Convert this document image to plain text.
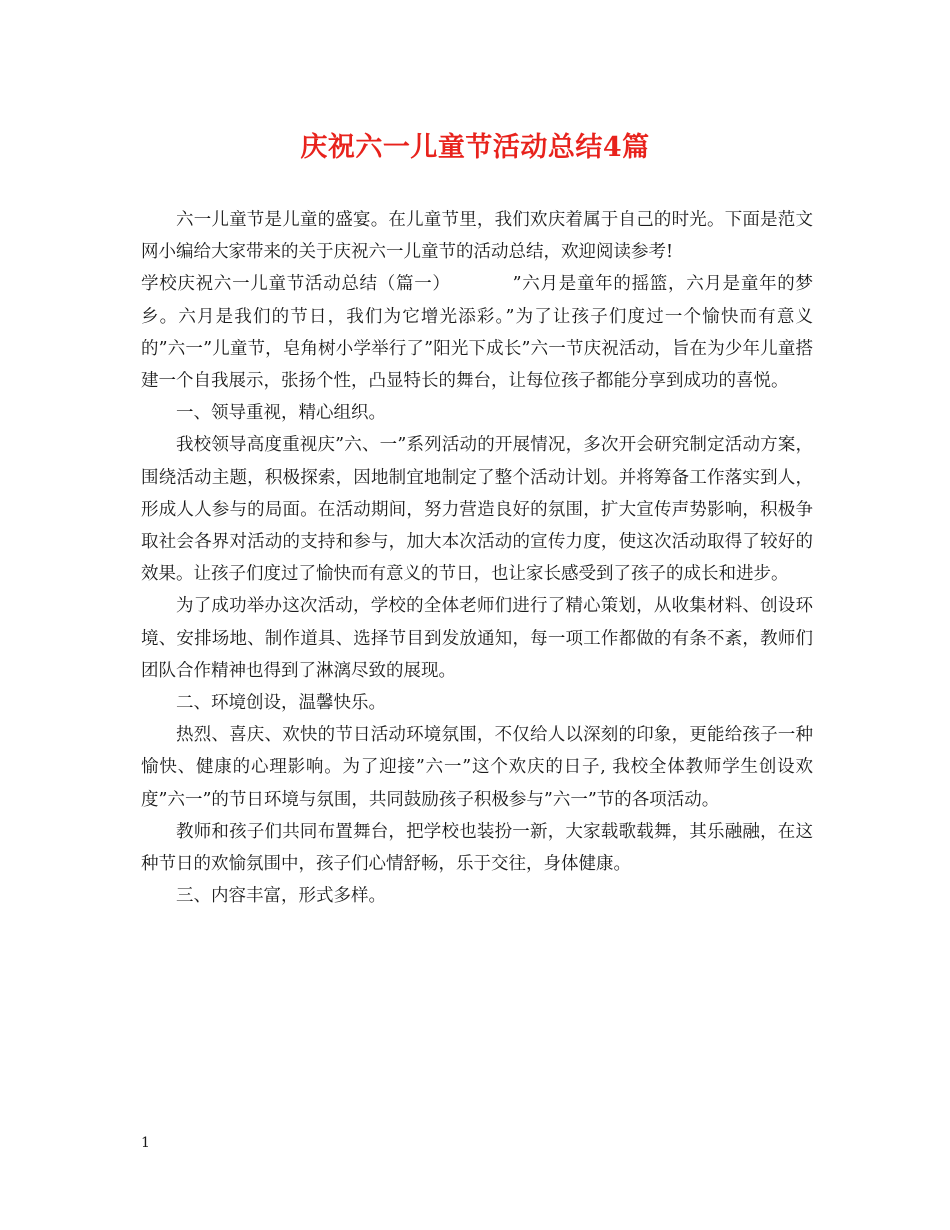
庆祝六一儿童节活动总结4篇

六一儿童节是儿童的盛宴。在儿童节里，我们欢庆着属于自己的时光。下面是范文网小编给大家带来的关于庆祝六一儿童节的活动总结，欢迎阅读参考!

学校庆祝六一儿童节活动总结（篇一）	”六月是童年的摇篮，六月是童年的梦乡。六月是我们的节日，我们为它增光添彩。”为了让孩子们度过一个愉快而有意义的”六一”儿童节，皂角树小学举行了”阳光下成长”六一节庆祝活动，旨在为少年儿童搭建一个自我展示，张扬个性，凸显特长的舞台，让每位孩子都能分享到成功的喜悦。

一、领导重视，精心组织。

我校领导高度重视庆”六、一”系列活动的开展情况，多次开会研究制定活动方案，围绕活动主题，积极探索，因地制宜地制定了整个活动计划。并将筹备工作落实到人，形成人人参与的局面。在活动期间，努力营造良好的氛围，扩大宣传声势影响，积极争取社会各界对活动的支持和参与，加大本次活动的宣传力度，使这次活动取得了较好的效果。让孩子们度过了愉快而有意义的节日，也让家长感受到了孩子的成长和进步。

为了成功举办这次活动，学校的全体老师们进行了精心策划，从收集材料、创设环境、安排场地、制作道具、选择节目到发放通知，每一项工作都做的有条不紊，教师们团队合作精神也得到了淋漓尽致的展现。

二、环境创设，温馨快乐。

热烈、喜庆、欢快的节日活动环境氛围，不仅给人以深刻的印象，更能给孩子一种愉快、健康的心理影响。为了迎接”六一”这个欢庆的日子, 我校全体教师学生创设欢度”六一”的节日环境与氛围，共同鼓励孩子积极参与”六一”节的各项活动。

教师和孩子们共同布置舞台，把学校也装扮一新，大家载歌载舞，其乐融融，在这种节日的欢愉氛围中，孩子们心情舒畅，乐于交往，身体健康。

三、内容丰富，形式多样。

1
